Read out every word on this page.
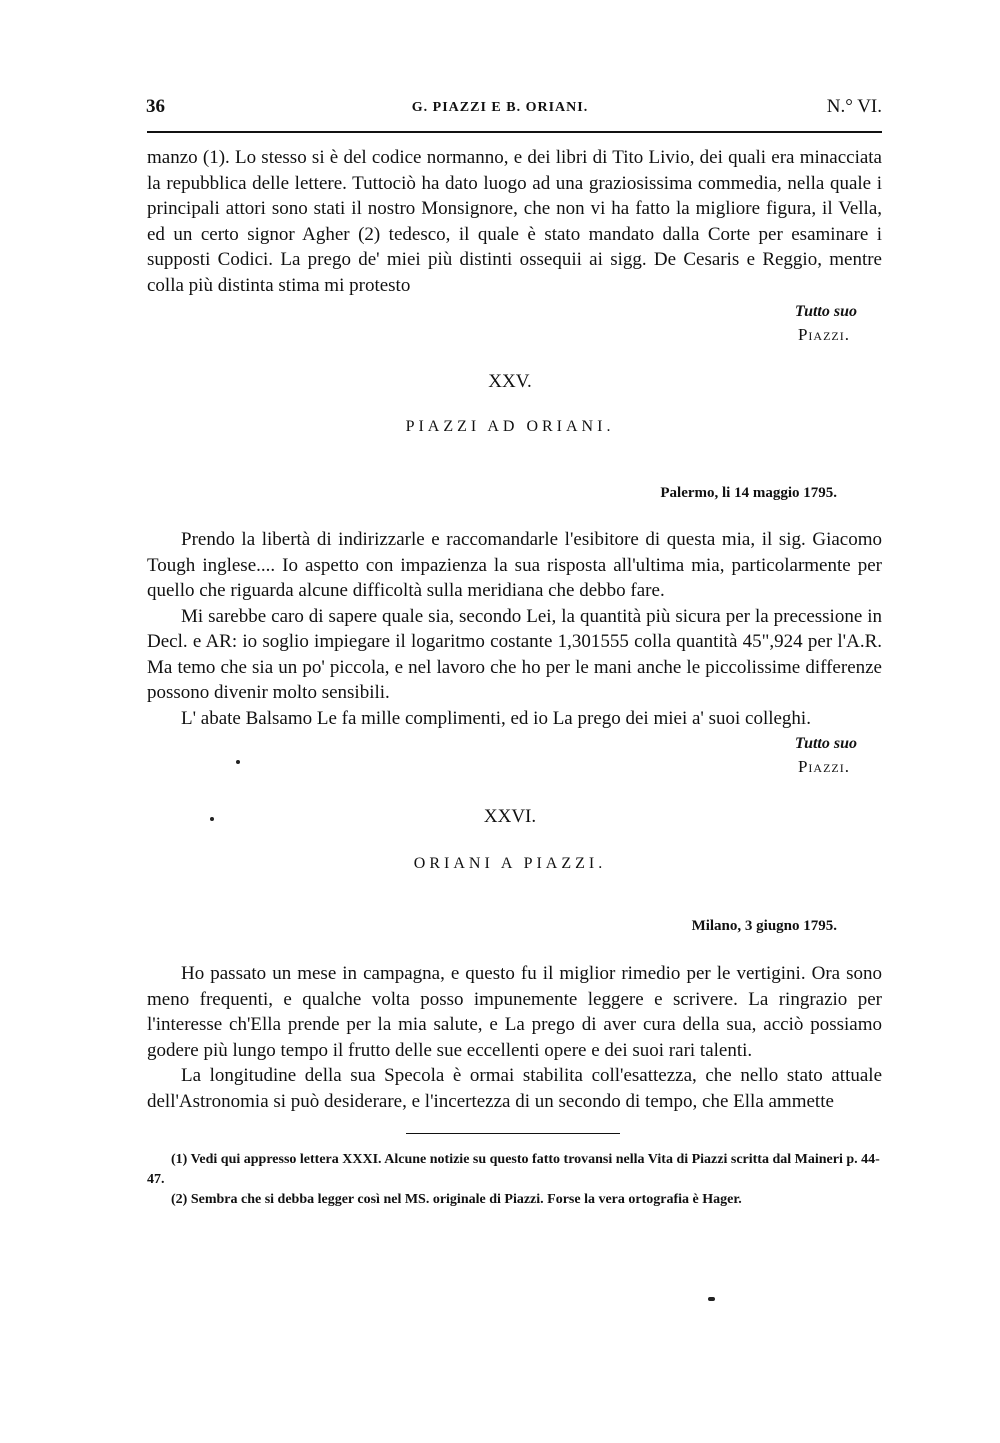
36	G. PIAZZI E B. ORIANI.	N.° VI.

manzo (1). Lo stesso si è del codice normanno, e dei libri di Tito Livio, dei quali era minacciata la repubblica delle lettere. Tuttociò ha dato luogo ad una graziosissima commedia, nella quale i principali attori sono stati il nostro Monsignore, che non vi ha fatto la migliore figura, il Vella, ed un certo signor Agher (2) tedesco, il quale è stato mandato dalla Corte per esaminare i supposti Codici. La prego de' miei più distinti ossequii ai sigg. De Cesaris e Reggio, mentre colla più distinta stima mi protesto

Tutto suo
Piazzi.
XXV.
PIAZZI AD ORIANI.
Palermo, li 14 maggio 1795.

Prendo la libertà di indirizzarle e raccomandarle l'esibitore di questa mia, il sig. Giacomo Tough inglese.... Io aspetto con impazienza la sua risposta all'ultima mia, particolarmente per quello che riguarda alcune difficoltà sulla meridiana che debbo fare.

Mi sarebbe caro di sapere quale sia, secondo Lei, la quantità più sicura per la precessione in Decl. e AR: io soglio impiegare il logaritmo costante 1,301555 colla quantità 45",924 per l'A.R. Ma temo che sia un po' piccola, e nel lavoro che ho per le mani anche le piccolissime differenze possono divenir molto sensibili.

L' abate Balsamo Le fa mille complimenti, ed io La prego dei miei a' suoi colleghi.

Tutto suo
Piazzi.
XXVI.
ORIANI A PIAZZI.
Milano, 3 giugno 1795.

Ho passato un mese in campagna, e questo fu il miglior rimedio per le vertigini. Ora sono meno frequenti, e qualche volta posso impunemente leggere e scrivere. La ringrazio per l'interesse ch'Ella prende per la mia salute, e La prego di aver cura della sua, acciò possiamo godere più lungo tempo il frutto delle sue eccellenti opere e dei suoi rari talenti.

La longitudine della sua Specola è ormai stabilita coll'esattezza, che nello stato attuale dell'Astronomia si può desiderare, e l'incertezza di un secondo di tempo, che Ella ammette

(1) Vedi qui appresso lettera XXXI. Alcune notizie su questo fatto trovansi nella Vita di Piazzi scritta dal Maineri p. 44-47.

(2) Sembra che si debba legger così nel MS. originale di Piazzi. Forse la vera ortografia è Hager.
